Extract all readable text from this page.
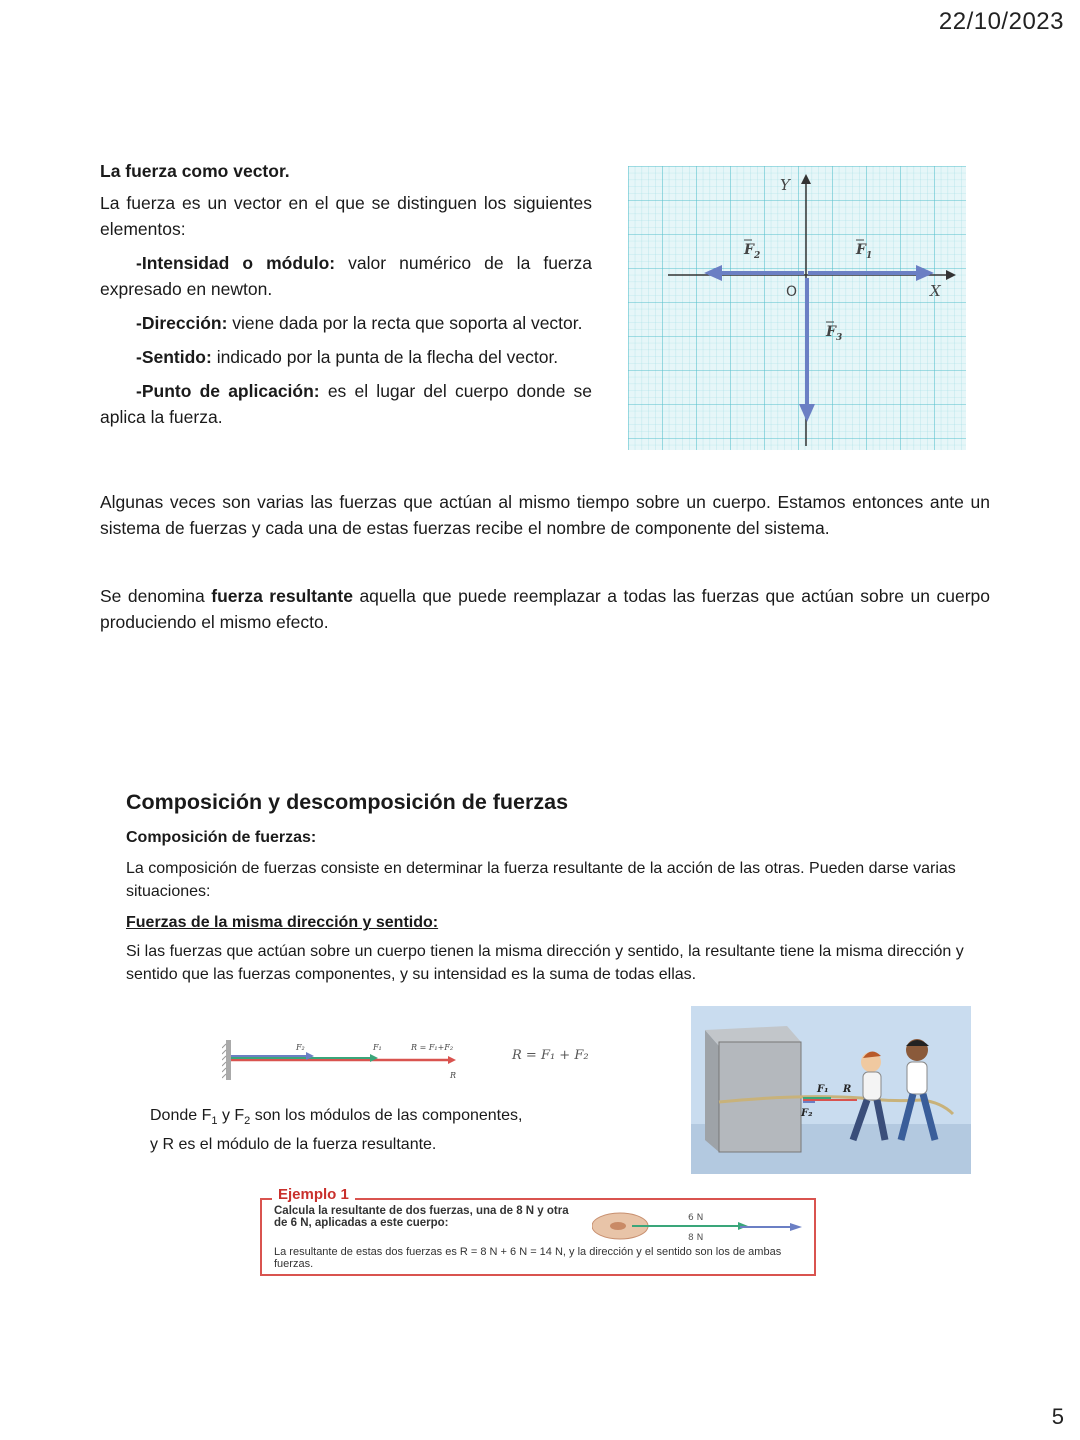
22/10/2023

La fuerza como vector.

La fuerza es un vector en el que se distinguen los siguientes elementos:

-Intensidad o módulo: valor numérico de la fuerza expresado en newton.

-Dirección: viene dada por la recta que soporta al vector.

-Sentido: indicado por la punta de la flecha del vector.

-Punto de aplicación: es el lugar del cuerpo donde se aplica la fuerza.

Y
X
O
F 2	F 1
F 3

Algunas veces son varias las fuerzas que actúan al mismo tiempo sobre un cuerpo. Estamos entonces ante un sistema de fuerzas y cada una de estas fuerzas recibe el nombre de componente del sistema.

Se denomina fuerza resultante aquella que puede reemplazar a todas las fuerzas que actúan sobre un cuerpo produciendo el mismo efecto.

Composición y descomposición de fuerzas

Composición de fuerzas:

La composición de fuerzas consiste en determinar la fuerza resultante de la acción de las otras. Pueden darse varias situaciones:

Fuerzas de la misma dirección y sentido:

Si las fuerzas que actúan sobre un cuerpo tienen la misma dirección y sentido, la resultante tiene la misma dirección y sentido que las fuerzas componentes, y su intensidad es la suma de todas ellas.

F₂	F₁	R = F₁+F₂
R
R = F₁ + F₂
Donde $F_1$ y $F_2$ son los módulos de las componentes,
y R es el módulo de la fuerza resultante.
F₁ R
F₂
Ejemplo 1
Calcula la resultante de dos fuerzas, una de 8 N y otra de 6 N, aplicadas a este cuerpo:	6 N
8 N
La resultante de estas dos fuerzas es R = 8 N + 6 N = 14 N, y la dirección y el sentido son los de ambas fuerzas.
5
